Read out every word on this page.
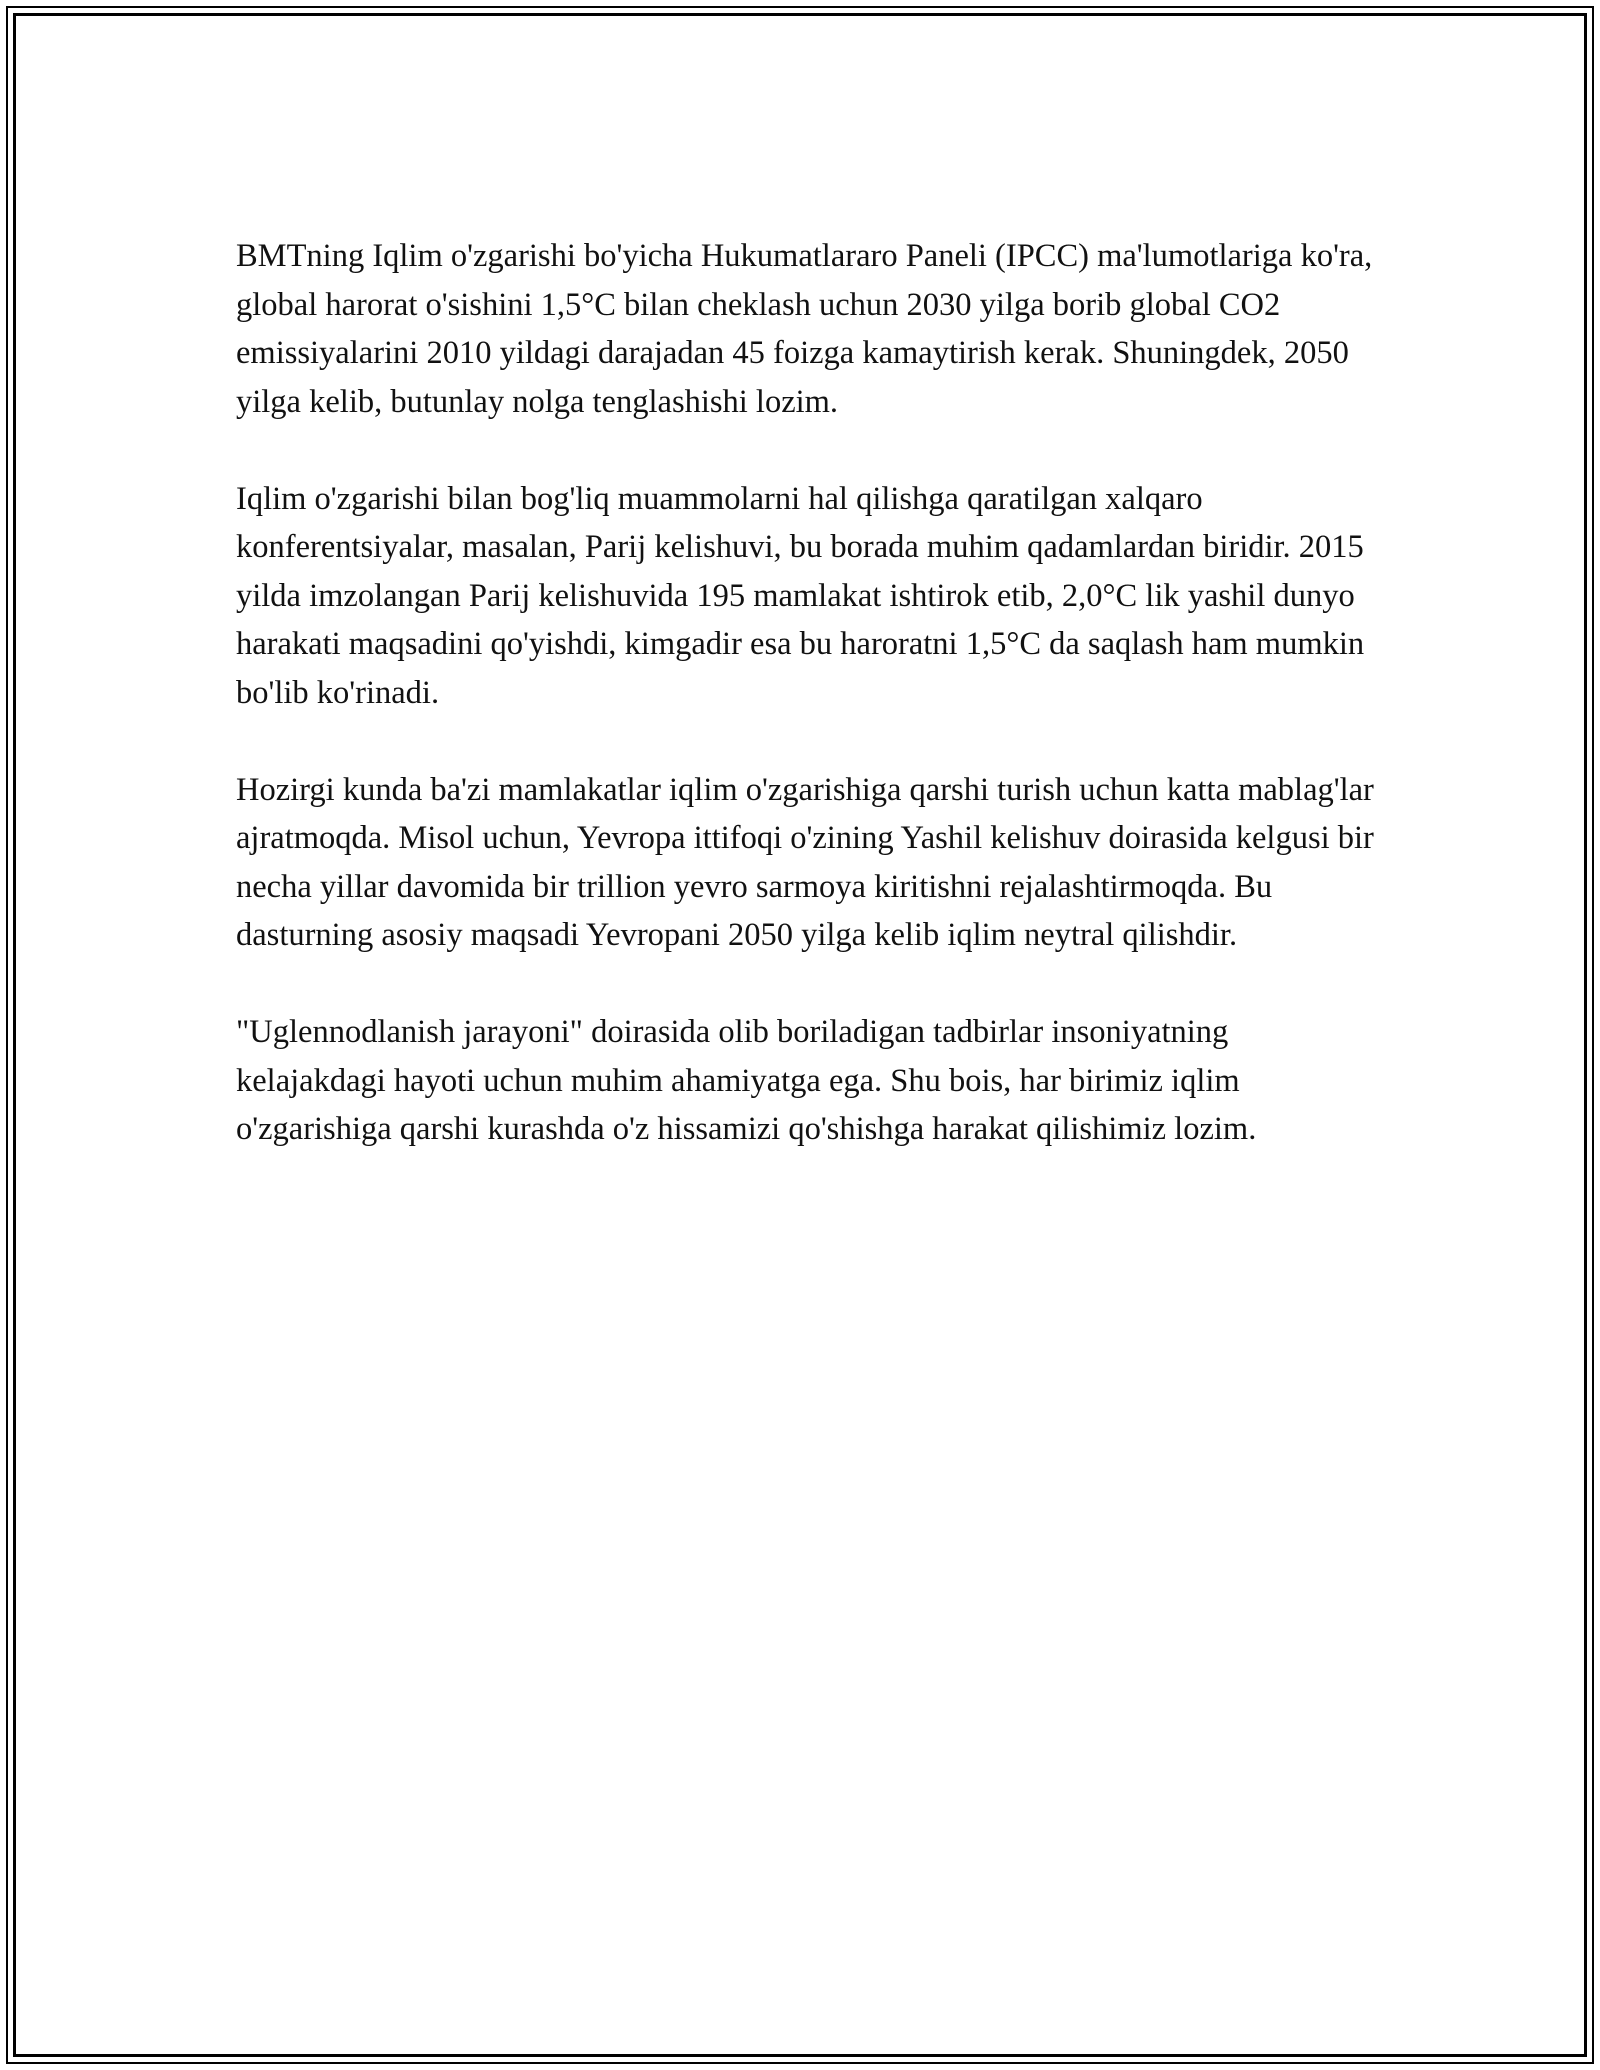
BMTning Iqlim o'zgarishi bo'yicha Hukumatlararo Paneli (IPCC) ma'lumotlariga ko'ra, global harorat o'sishini 1,5°C bilan cheklash uchun 2030 yilga borib global CO2 emissiyalarini 2010 yildagi darajadan 45 foizga kamaytirish kerak. Shuningdek, 2050 yilga kelib, butunlay nolga tenglashishi lozim.

Iqlim o'zgarishi bilan bog'liq muammolarni hal qilishga qaratilgan xalqaro konferentsiyalar, masalan, Parij kelishuvi, bu borada muhim qadamlardan biridir. 2015 yilda imzolangan Parij kelishuvida 195 mamlakat ishtirok etib, 2,0°C lik yashil dunyo harakati maqsadini qo'yishdi, kimgadir esa bu haroratni 1,5°C da saqlash ham mumkin bo'lib ko'rinadi.

Hozirgi kunda ba'zi mamlakatlar iqlim o'zgarishiga qarshi turish uchun katta mablag'lar ajratmoqda. Misol uchun, Yevropa ittifoqi o'zining Yashil kelishuv doirasida kelgusi bir necha yillar davomida bir trillion yevro sarmoya kiritishni rejalashtirmoqda. Bu dasturning asosiy maqsadi Yevropani 2050 yilga kelib iqlim neytral qilishdir.

"Uglennodlanish jarayoni" doirasida olib boriladigan tadbirlar insoniyatning kelajakdagi hayoti uchun muhim ahamiyatga ega. Shu bois, har birimiz iqlim o'zgarishiga qarshi kurashda o'z hissamizi qo'shishga harakat qilishimiz lozim.
